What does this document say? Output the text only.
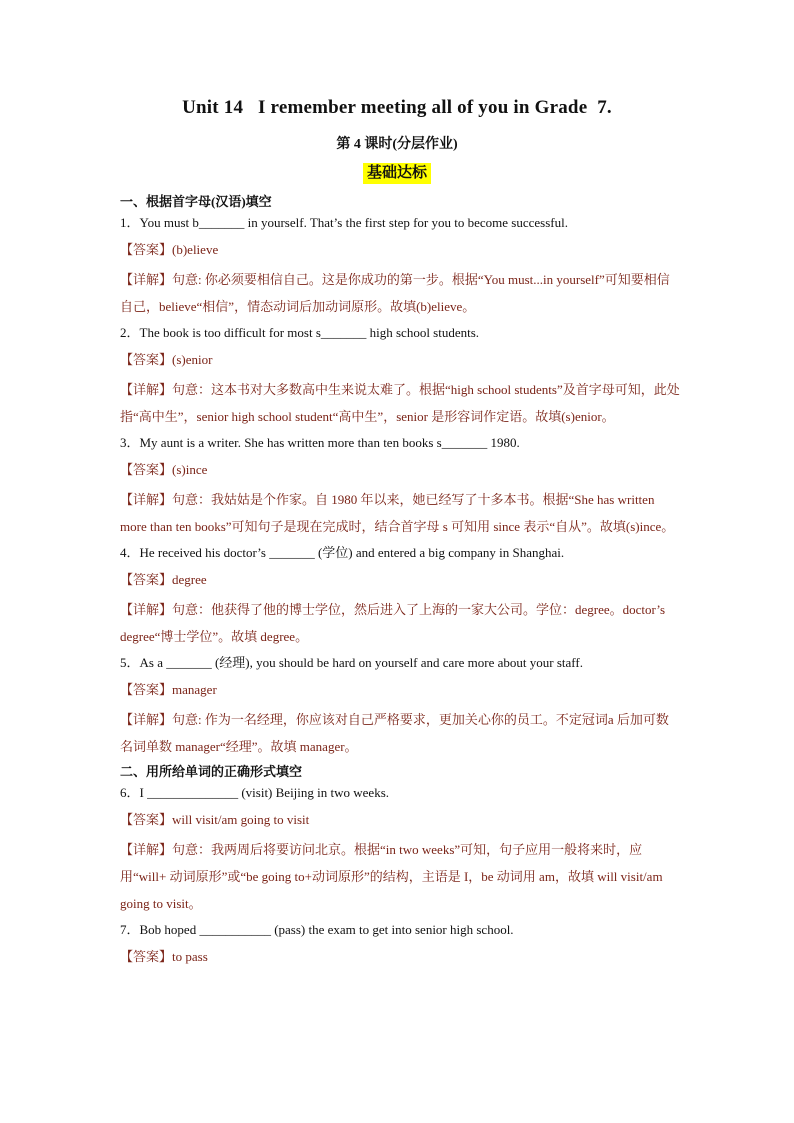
Unit 14   I remember meeting all of you in Grade  7.
第 4 课时(分层作业)
基础达标
一、根据首字母(汉语)填空
1．You must b_______ in yourself. That’s the first step for you to become successful.
【答案】(b)elieve
【详解】句意: 你必须要相信自己。这是你成功的第一步。根据“You must...in yourself”可知要相信自己，believe“相信”，情态动词后加动词原形。故填(b)elieve。
2．The book is too difficult for most s_______ high school students.
【答案】(s)enior
【详解】句意：这本书对大多数高中生来说太难了。根据“high school students”及首字母可知，此处指“高中生”，senior high school student“高中生”，senior 是形容词作定语。故填(s)enior。
3．My aunt is a writer. She has written more than ten books s_______ 1980.
【答案】(s)ince
【详解】句意：我姑姑是个作家。自 1980 年以来，她已经写了十多本书。根据“She has written more than ten books”可知句子是现在完成时，结合首字母 s 可知用 since 表示“自从”。故填(s)ince。
4．He received his doctor’s _______ (学位) and entered a big company in Shanghai.
【答案】degree
【详解】句意：他获得了他的博士学位，然后进入了上海的一家大公司。学位：degree。doctor’s degree“博士学位”。故填 degree。
5．As a _______ (经理), you should be hard on yourself and care more about your staff.
【答案】manager
【详解】句意: 作为一名经理，你应该对自己严格要求，更加关心你的员工。不定冠词a 后加可数名词单数 manager“经理”。故填 manager。
二、用所给单词的正确形式填空
6．I ______________ (visit) Beijing in two weeks.
【答案】will visit/am going to visit
【详解】句意：我两周后将要访问北京。根据“in two weeks”可知，句子应用一般将来时，应用“will+ 动词原形”或“be going to+动词原形”的结构，主语是 I，be 动词用 am，故填 will visit/am going to visit。
7．Bob hoped ___________ (pass) the exam to get into senior high school.
【答案】to pass
